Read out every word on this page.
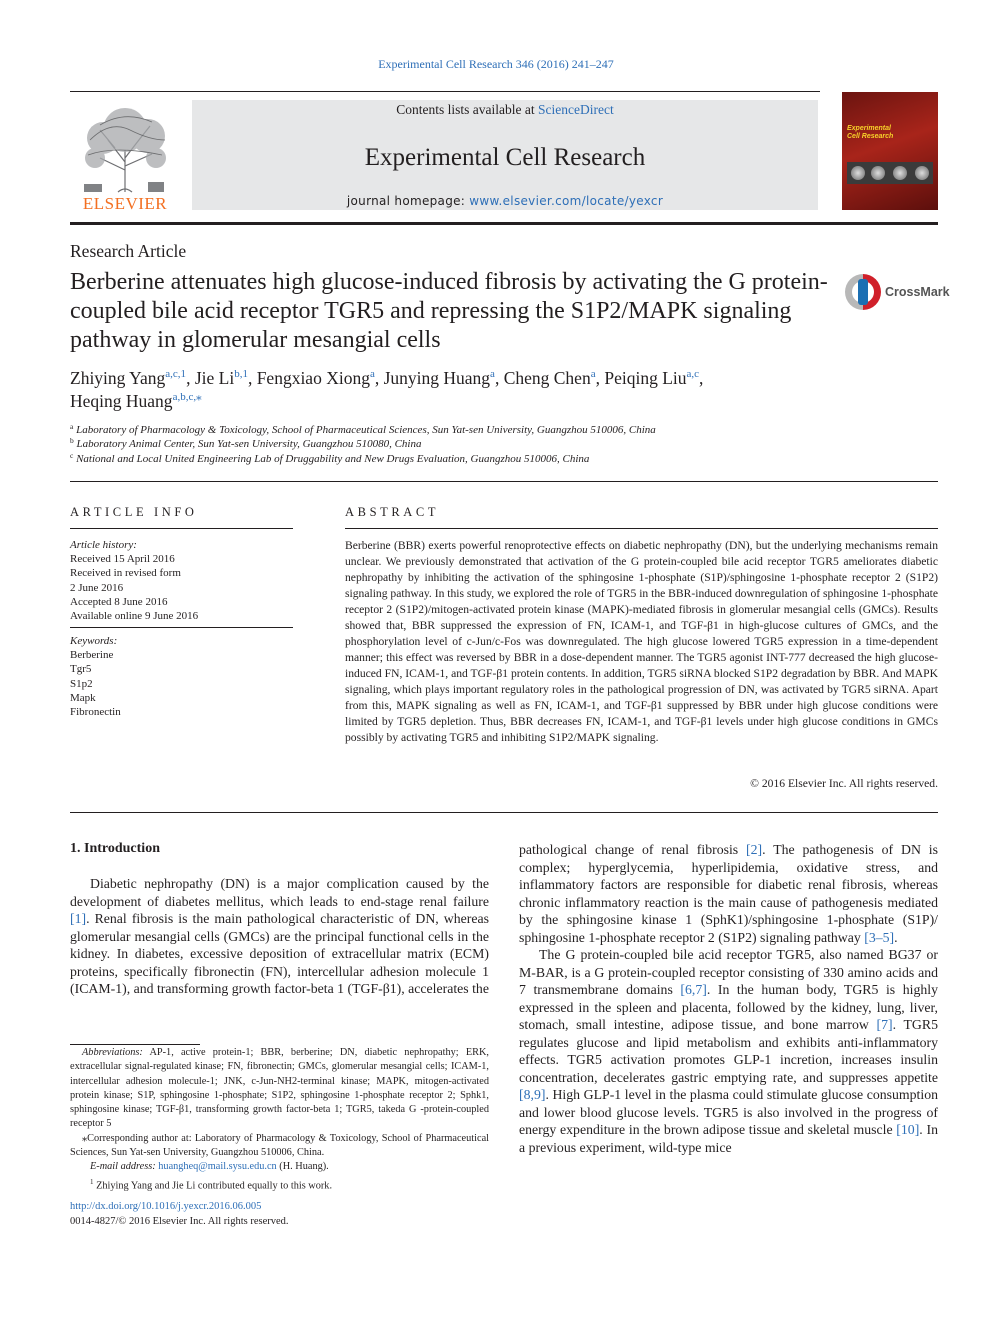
Experimental Cell Research 346 (2016) 241–247
ELSEVIER
Contents lists available at ScienceDirect
Experimental Cell Research
journal homepage: www.elsevier.com/locate/yexcr
Experimental
Cell Research
Research Article
Berberine attenuates high glucose-induced fibrosis by activating the G protein-coupled bile acid receptor TGR5 and repressing the S1P2/MAPK signaling pathway in glomerular mesangial cells
CrossMark
Zhiying Yang$^{a,c,1}$, Jie Li$^{b,1}$, Fengxiao Xiong$^a$, Junying Huang$^a$, Cheng Chen$^a$, Peiqing Liu$^{a,c}$,
Heqing Huang$^{a,b,c,⁎}$
$^a$ Laboratory of Pharmacology & Toxicology, School of Pharmaceutical Sciences, Sun Yat-sen University, Guangzhou 510006, China
$^b$ Laboratory Animal Center, Sun Yat-sen University, Guangzhou 510080, China
$^c$ National and Local United Engineering Lab of Druggability and New Drugs Evaluation, Guangzhou 510006, China
ARTICLE INFO	ABSTRACT
Article history:
Received 15 April 2016
Received in revised form
2 June 2016
Accepted 8 June 2016
Available online 9 June 2016
Keywords:
Berberine
Tgr5
S1p2
Mapk
Fibronectin
Berberine (BBR) exerts powerful renoprotective effects on diabetic nephropathy (DN), but the underlying mechanisms remain unclear. We previously demonstrated that activation of the G protein-coupled bile acid receptor TGR5 ameliorates diabetic nephropathy by inhibiting the activation of the sphingosine 1-phosphate (S1P)/sphingosine 1-phosphate receptor 2 (S1P2) signaling pathway. In this study, we explored the role of TGR5 in the BBR-induced downregulation of sphingosine 1-phosphate receptor 2 (S1P2)/mitogen-activated protein kinase (MAPK)-mediated fibrosis in glomerular mesangial cells (GMCs). Results showed that, BBR suppressed the expression of FN, ICAM-1, and TGF-β1 in high-glucose cultures of GMCs, and the phosphorylation level of c-Jun/c-Fos was downregulated. The high glucose lowered TGR5 expression in a time-dependent manner; this effect was reversed by BBR in a dose-dependent manner. The TGR5 agonist INT-777 decreased the high glucose-induced FN, ICAM-1, and TGF-β1 protein contents. In addition, TGR5 siRNA blocked S1P2 degradation by BBR. And MAPK signaling, which plays important regulatory roles in the pathological progression of DN, was activated by TGR5 siRNA. Apart from this, MAPK signaling as well as FN, ICAM-1, and TGF-β1 suppressed by BBR under high glucose conditions were limited by TGR5 depletion. Thus, BBR decreases FN, ICAM-1, and TGF-β1 levels under high glucose conditions in GMCs possibly by activating TGR5 and inhibiting S1P2/MAPK signaling.
© 2016 Elsevier Inc. All rights reserved.
1. Introduction

Diabetic nephropathy (DN) is a major complication caused by the development of diabetes mellitus, which leads to end-stage renal failure [1]. Renal fibrosis is the main pathological characteristic of DN, whereas glomerular mesangial cells (GMCs) are the principal functional cells in the kidney. In diabetes, excessive deposition of extracellular matrix (ECM) proteins, specifically fibronectin (FN), intercellular adhesion molecule 1 (ICAM-1), and transforming growth factor-beta 1 (TGF-β1), accelerates the

pathological change of renal fibrosis [2]. The pathogenesis of DN is complex; hyperglycemia, hyperlipidemia, oxidative stress, and inflammatory factors are responsible for diabetic renal fibrosis, whereas chronic inflammatory reaction is the main cause of pathogenesis mediated by the sphingosine kinase 1 (SphK1)/sphingosine 1-phosphate (S1P)/ sphingosine 1-phosphate receptor 2 (S1P2) signaling pathway [3–5].

The G protein-coupled bile acid receptor TGR5, also named BG37 or M-BAR, is a G protein-coupled receptor consisting of 330 amino acids and 7 transmembrane domains [6,7]. In the human body, TGR5 is highly expressed in the spleen and placenta, followed by the kidney, lung, liver, stomach, small intestine, adipose tissue, and bone marrow [7]. TGR5 regulates glucose and lipid metabolism and exhibits anti-inflammatory effects. TGR5 activation promotes GLP-1 incretion, increases insulin concentration, decelerates gastric emptying rate, and suppresses appetite [8,9]. High GLP-1 level in the plasma could stimulate glucose consumption and lower blood glucose levels. TGR5 is also involved in the progress of energy expenditure in the brown adipose tissue and skeletal muscle [10]. In a previous experiment, wild-type mice

Abbreviations: AP-1, active protein-1; BBR, berberine; DN, diabetic nephropathy; ERK, extracellular signal-regulated kinase; FN, fibronectin; GMCs, glomerular mesangial cells; ICAM-1, intercellular adhesion molecule-1; JNK, c-Jun-NH2-terminal kinase; MAPK, mitogen-activated protein kinase; S1P, sphingosine 1-phosphate; S1P2, sphingosine 1-phosphate receptor 2; Sphk1, sphingosine kinase; TGF-β1, transforming growth factor-beta 1; TGR5, takeda G -protein-coupled receptor 5
⁎Corresponding author at: Laboratory of Pharmacology & Toxicology, School of Pharmaceutical Sciences, Sun Yat-sen University, Guangzhou 510006, China.
E-mail address: huangheq@mail.sysu.edu.cn (H. Huang).
$^1$ Zhiying Yang and Jie Li contributed equally to this work.
http://dx.doi.org/10.1016/j.yexcr.2016.06.005
0014-4827/© 2016 Elsevier Inc. All rights reserved.
